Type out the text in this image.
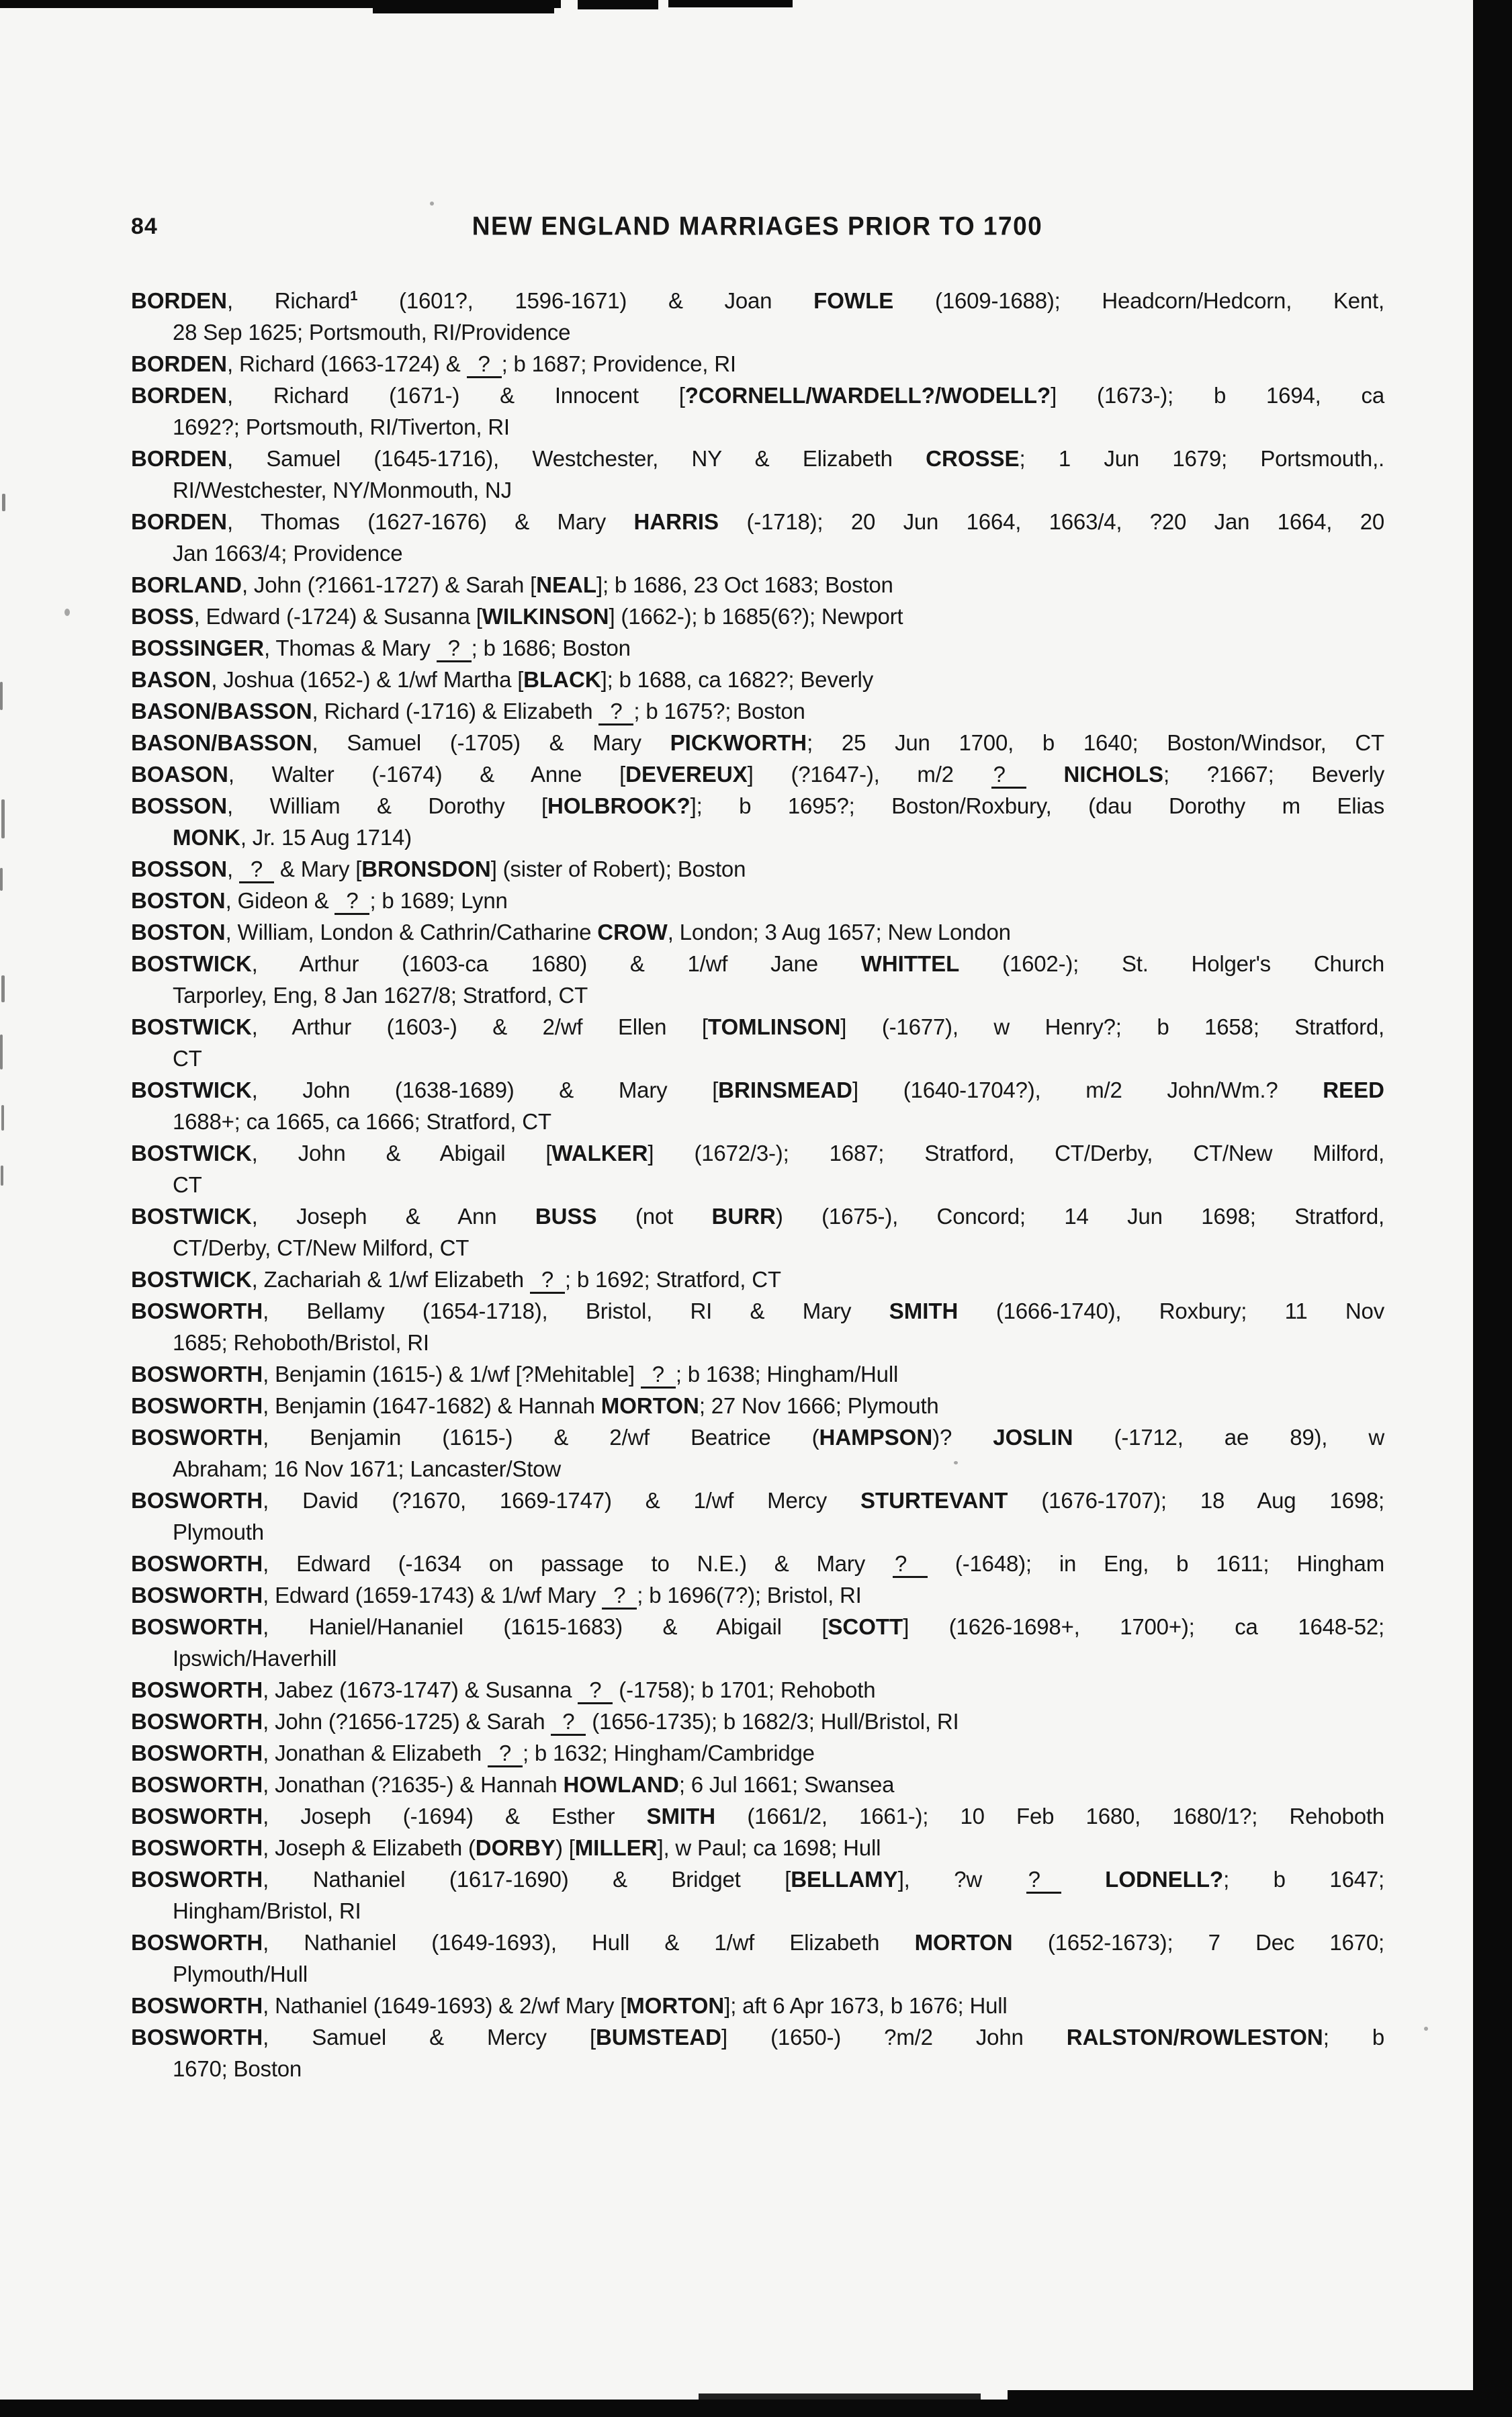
84	NEW ENGLAND MARRIAGES PRIOR TO 1700
BORDEN, Richard$^1$ (1601?, 1596-1671) & Joan FOWLE (1609-1688); Headcorn/Hedcorn, Kent,
28 Sep 1625; Portsmouth, RI/Providence
BORDEN, Richard (1663-1724) & ? ; b 1687; Providence, RI
BORDEN, Richard (1671-) & Innocent [?CORNELL/WARDELL?/WODELL?] (1673-); b 1694, ca
1692?; Portsmouth, RI/Tiverton, RI
BORDEN, Samuel (1645-1716), Westchester, NY & Elizabeth CROSSE; 1 Jun 1679; Portsmouth,.
RI/Westchester, NY/Monmouth, NJ
BORDEN, Thomas (1627-1676) & Mary HARRIS (-1718); 20 Jun 1664, 1663/4, ?20 Jan 1664, 20
Jan 1663/4; Providence
BORLAND, John (?1661-1727) & Sarah [NEAL]; b 1686, 23 Oct 1683; Boston
BOSS, Edward (-1724) & Susanna [WILKINSON] (1662-); b 1685(6?); Newport
BOSSINGER, Thomas & Mary ? ; b 1686; Boston
BASON, Joshua (1652-) & 1/wf Martha [BLACK]; b 1688, ca 1682?; Beverly
BASON/BASSON, Richard (-1716) & Elizabeth ? ; b 1675?; Boston
BASON/BASSON, Samuel (-1705) & Mary PICKWORTH; 25 Jun 1700, b 1640; Boston/Windsor, CT
BOASON, Walter (-1674) & Anne [DEVEREUX] (?1647-), m/2 ?	NICHOLS; ?1667; Beverly
BOSSON, William & Dorothy [HOLBROOK?]; b 1695?; Boston/Roxbury, (dau Dorothy m Elias
MONK, Jr. 15 Aug 1714)
BOSSON, ? & Mary [BRONSDON] (sister of Robert); Boston
BOSTON, Gideon & ? ; b 1689; Lynn
BOSTON, William, London & Cathrin/Catharine CROW, London; 3 Aug 1657; New London
BOSTWICK, Arthur (1603-ca 1680) & 1/wf Jane WHITTEL (1602-); St. Holger's Church
Tarporley, Eng, 8 Jan 1627/8; Stratford, CT
BOSTWICK, Arthur (1603-) & 2/wf Ellen [TOMLINSON] (-1677), w Henry?; b 1658; Stratford,
CT
BOSTWICK, John (1638-1689) & Mary [BRINSMEAD] (1640-1704?), m/2 John/Wm.? REED
1688+; ca 1665, ca 1666; Stratford, CT
BOSTWICK, John & Abigail [WALKER] (1672/3-); 1687; Stratford, CT/Derby, CT/New Milford,
CT
BOSTWICK, Joseph & Ann BUSS (not BURR) (1675-), Concord; 14 Jun 1698; Stratford,
CT/Derby, CT/New Milford, CT
BOSTWICK, Zachariah & 1/wf Elizabeth ? ; b 1692; Stratford, CT
BOSWORTH, Bellamy (1654-1718), Bristol, RI & Mary SMITH (1666-1740), Roxbury; 11 Nov
1685; Rehoboth/Bristol, RI
BOSWORTH, Benjamin (1615-) & 1/wf [?Mehitable] ? ; b 1638; Hingham/Hull
BOSWORTH, Benjamin (1647-1682) & Hannah MORTON; 27 Nov 1666; Plymouth
BOSWORTH, Benjamin (1615-) & 2/wf Beatrice (HAMPSON)? JOSLIN (-1712, ae 89), w
Abraham; 16 Nov 1671; Lancaster/Stow
BOSWORTH, David (?1670, 1669-1747) & 1/wf Mercy STURTEVANT (1676-1707); 18 Aug 1698;
Plymouth
BOSWORTH, Edward (-1634 on passage to N.E.) & Mary ? (-1648); in Eng, b 1611; Hingham
BOSWORTH, Edward (1659-1743) & 1/wf Mary ? ; b 1696(7?); Bristol, RI
BOSWORTH, Haniel/Hananiel (1615-1683) & Abigail [SCOTT] (1626-1698+, 1700+); ca 1648-52;
Ipswich/Haverhill
BOSWORTH, Jabez (1673-1747) & Susanna ? (-1758); b 1701; Rehoboth
BOSWORTH, John (?1656-1725) & Sarah ? (1656-1735); b 1682/3; Hull/Bristol, RI
BOSWORTH, Jonathan & Elizabeth ? ; b 1632; Hingham/Cambridge
BOSWORTH, Jonathan (?1635-) & Hannah HOWLAND; 6 Jul 1661; Swansea
BOSWORTH, Joseph (-1694) & Esther SMITH (1661/2, 1661-); 10 Feb 1680, 1680/1?; Rehoboth
BOSWORTH, Joseph & Elizabeth (DORBY) [MILLER], w Paul; ca 1698; Hull
BOSWORTH, Nathaniel (1617-1690) & Bridget [BELLAMY], ?w ?	LODNELL?; b 1647;
Hingham/Bristol, RI
BOSWORTH, Nathaniel (1649-1693), Hull & 1/wf Elizabeth MORTON (1652-1673); 7 Dec 1670;
Plymouth/Hull
BOSWORTH, Nathaniel (1649-1693) & 2/wf Mary [MORTON]; aft 6 Apr 1673, b 1676; Hull
BOSWORTH, Samuel & Mercy [BUMSTEAD] (1650-) ?m/2 John RALSTON/ROWLESTON; b
1670; Boston
